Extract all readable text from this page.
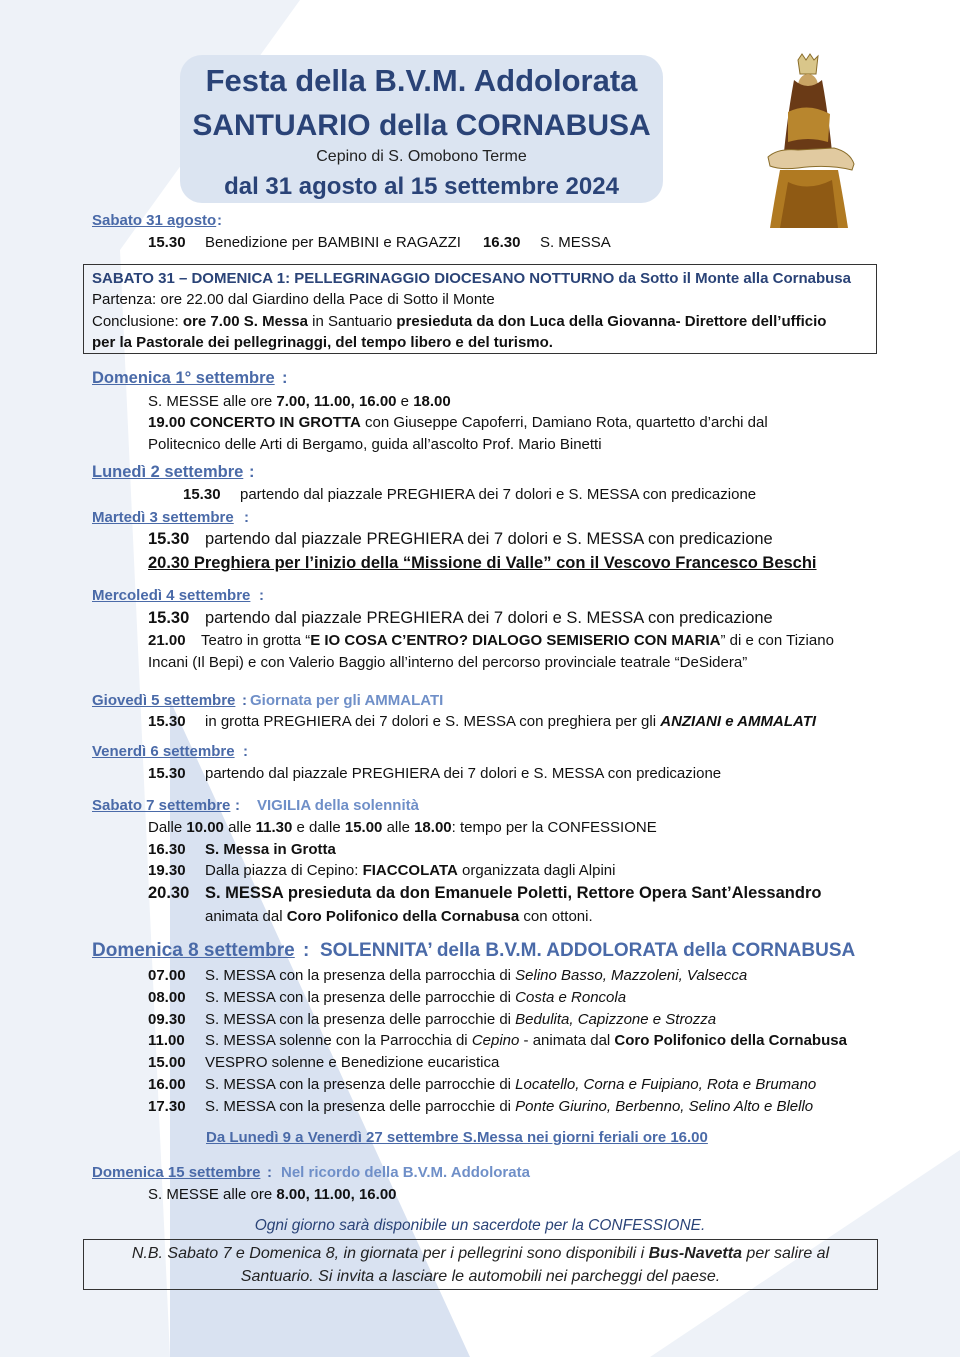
Festa della B.V.M. Addolorata
SANTUARIO della CORNABUSA
Cepino di S. Omobono Terme
dal 31 agosto al 15 settembre 2024
Sabato 31 agosto :
15.30 Benedizione per BAMBINI e RAGAZZI 16.30 S. MESSA
SABATO 31 – DOMENICA 1: PELLEGRINAGGIO DIOCESANO NOTTURNO da Sotto il Monte alla Cornabusa
Partenza: ore 22.00 dal Giardino della Pace di Sotto il Monte
Conclusione: ore 7.00 S. Messa in Santuario presieduta da don Luca della Giovanna- Direttore dell’ufficio
per la Pastorale dei pellegrinaggi, del tempo libero e del turismo.
Domenica 1° settembre :
S. MESSE alle ore 7.00, 11.00, 16.00 e 18.00
19.00 CONCERTO IN GROTTA con Giuseppe Capoferri, Damiano Rota, quartetto d’archi dal
Politecnico delle Arti di Bergamo, guida all’ascolto Prof. Mario Binetti
Lunedì 2 settembre :
15.30 partendo dal piazzale PREGHIERA dei 7 dolori e S. MESSA con predicazione
Martedì 3 settembre :
15.30 partendo dal piazzale PREGHIERA dei 7 dolori e S. MESSA con predicazione
20.30 Preghiera per l’inizio della “Missione di Valle” con il Vescovo Francesco Beschi
Mercoledì 4 settembre :
15.30 partendo dal piazzale PREGHIERA dei 7 dolori e S. MESSA con predicazione
21.00 Teatro in grotta “E IO COSA C’ENTRO? DIALOGO SEMISERIO CON MARIA” di e con Tiziano
Incani (Il Bepi) e con Valerio Baggio all’interno del percorso provinciale teatrale “DeSidera”
Giovedì 5 settembre : Giornata per gli AMMALATI
15.30 in grotta PREGHIERA dei 7 dolori e S. MESSA con preghiera per gli ANZIANI e AMMALATI
Venerdì 6 settembre :
15.30 partendo dal piazzale PREGHIERA dei 7 dolori e S. MESSA con predicazione
Sabato 7 settembre : VIGILIA della solennità
Dalle 10.00 alle 11.30 e dalle 15.00 alle 18.00: tempo per la CONFESSIONE
16.30 S. Messa in Grotta
19.30 Dalla piazza di Cepino: FIACCOLATA organizzata dagli Alpini
20.30 S. MESSA presieduta da don Emanuele Poletti, Rettore Opera Sant’Alessandro
animata dal Coro Polifonico della Cornabusa con ottoni.
Domenica 8 settembre : SOLENNITA’ della B.V.M. ADDOLORATA della CORNABUSA
07.00 S. MESSA con la presenza della parrocchia di Selino Basso, Mazzoleni, Valsecca
08.00 S. MESSA con la presenza delle parrocchie di Costa e Roncola
09.30 S. MESSA con la presenza delle parrocchie di Bedulita, Capizzone e Strozza
11.00 S. MESSA solenne con la Parrocchia di Cepino - animata dal Coro Polifonico della Cornabusa
15.00 VESPRO solenne e Benedizione eucaristica
16.00 S. MESSA con la presenza delle parrocchie di Locatello, Corna e Fuipiano, Rota e Brumano
17.30 S. MESSA con la presenza delle parrocchie di Ponte Giurino, Berbenno, Selino Alto e Blello
Da Lunedì 9 a Venerdì 27 settembre S.Messa nei giorni feriali ore 16.00
Domenica 15 settembre : Nel ricordo della B.V.M. Addolorata
S. MESSE alle ore 8.00, 11.00, 16.00
Ogni giorno sarà disponibile un sacerdote per la CONFESSIONE.
N.B. Sabato 7 e Domenica 8, in giornata per i pellegrini sono disponibili i Bus-Navetta per salire al
Santuario. Si invita a lasciare le automobili nei parcheggi del paese.
